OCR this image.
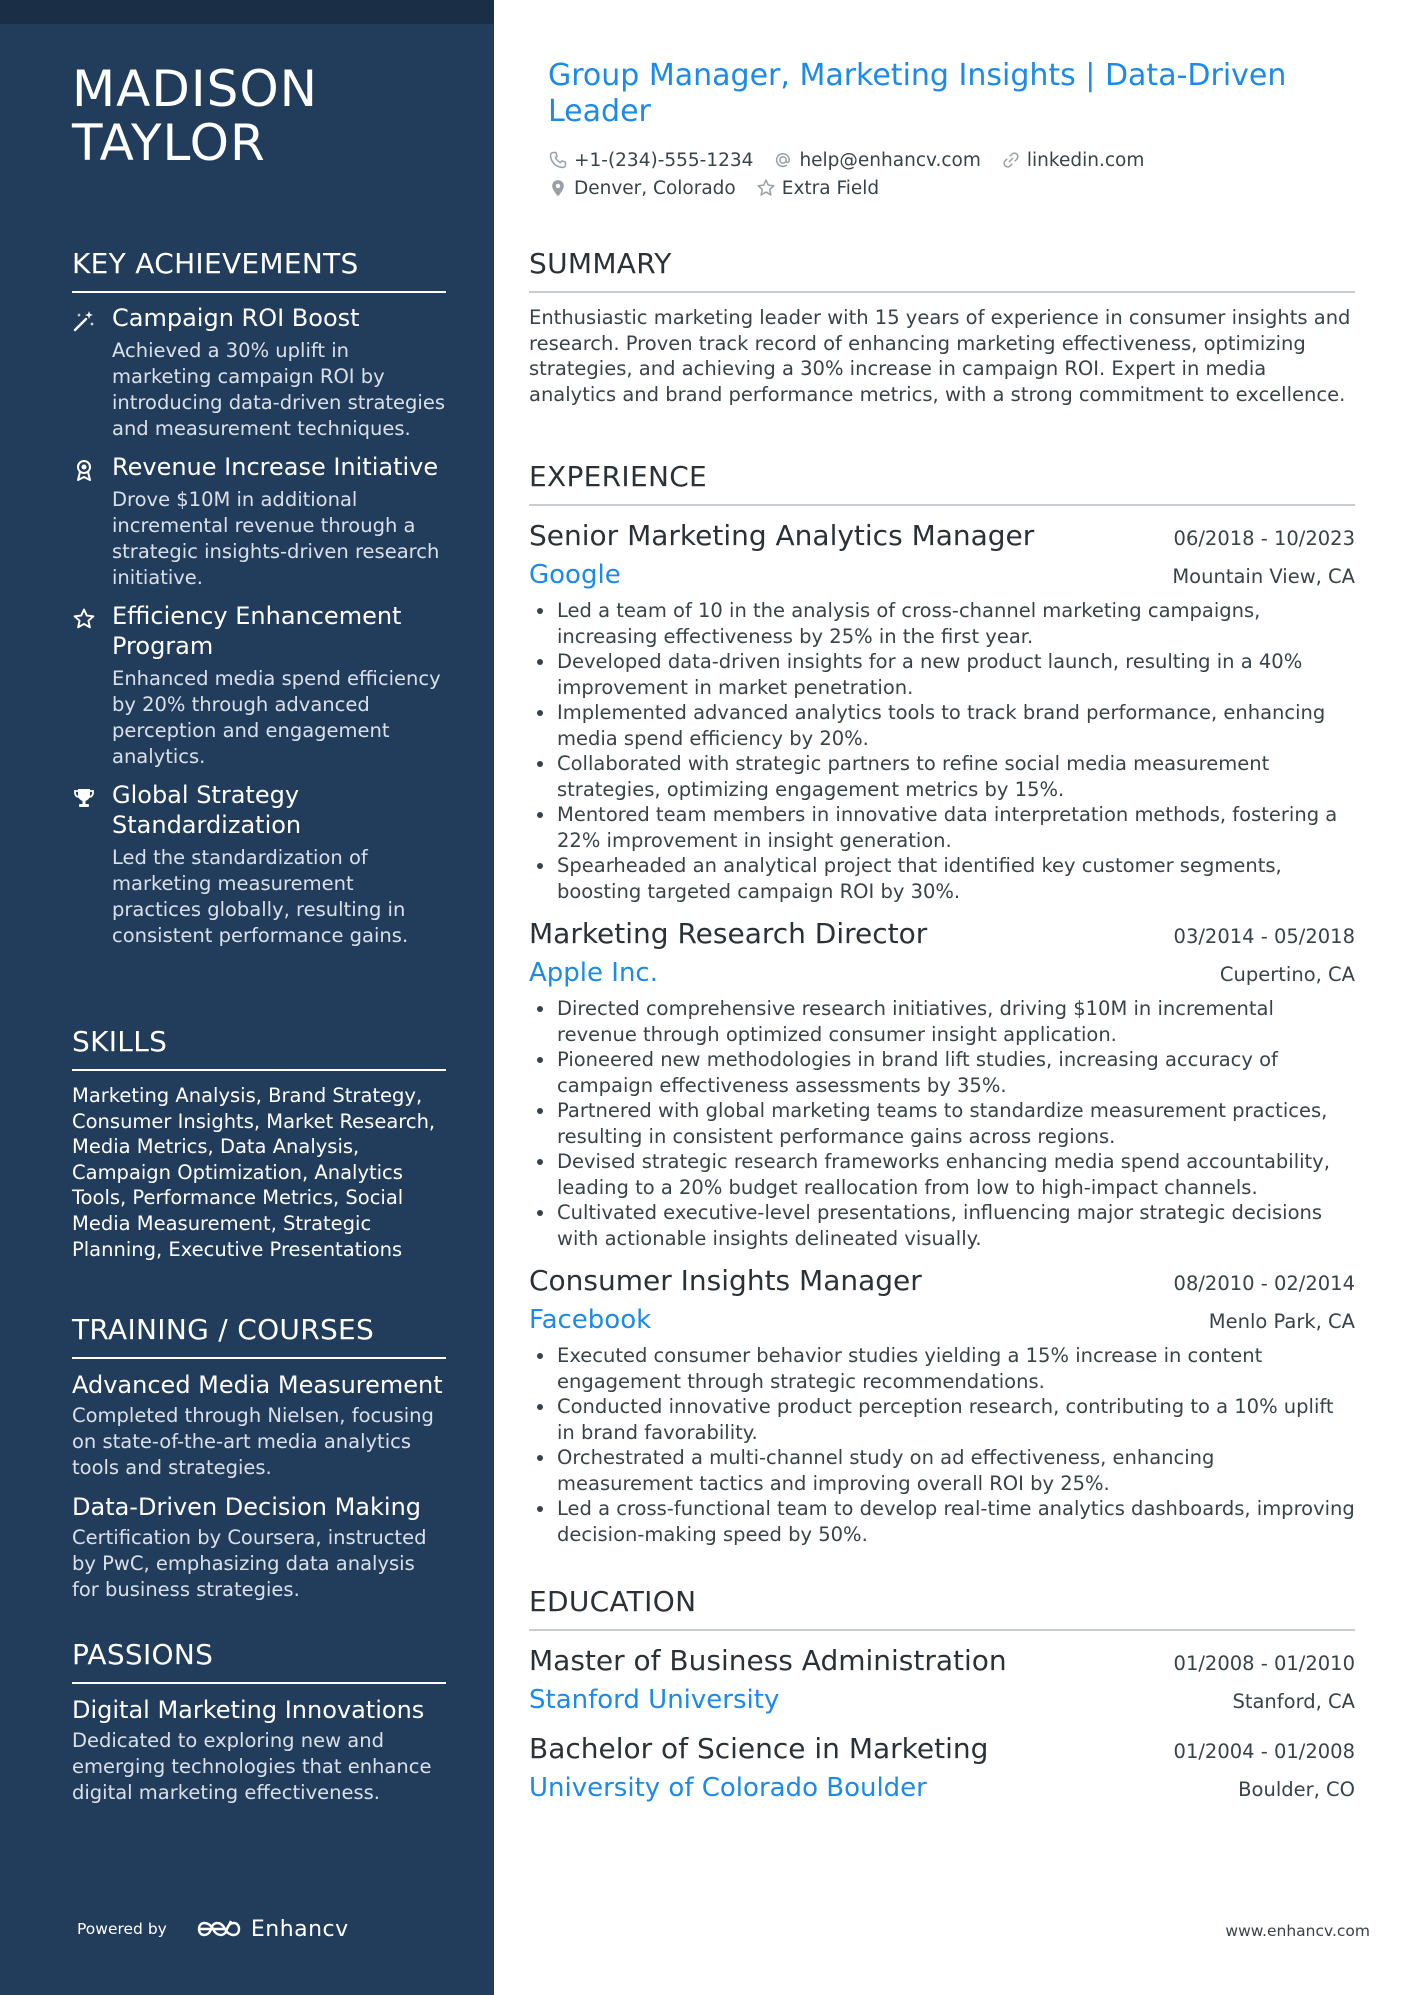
MADISON
TAYLOR
KEY ACHIEVEMENTS
Campaign ROI Boost
Achieved a 30% uplift in marketing campaign ROI by introducing data-driven strategies and measurement techniques.
Revenue Increase Initiative
Drove $10M in additional incremental revenue through a strategic insights-driven research initiative.
Efficiency Enhancement Program
Enhanced media spend efficiency by 20% through advanced perception and engagement analytics.
Global Strategy Standardization
Led the standardization of marketing measurement practices globally, resulting in consistent performance gains.
SKILLS
Marketing Analysis, Brand Strategy, Consumer Insights, Market Research, Media Metrics, Data Analysis, Campaign Optimization, Analytics Tools, Performance Metrics, Social Media Measurement, Strategic Planning, Executive Presentations
TRAINING / COURSES
Advanced Media Measurement
Completed through Nielsen, focusing on state-of-the-art media analytics tools and strategies.
Data-Driven Decision Making
Certification by Coursera, instructed by PwC, emphasizing data analysis for business strategies.
PASSIONS
Digital Marketing Innovations
Dedicated to exploring new and emerging technologies that enhance digital marketing effectiveness.
Powered by	Enhancv
Group Manager, Marketing Insights | Data-Driven Leader
+1-(234)-555-1234 help@enhancv.com linkedin.com
Denver, Colorado Extra Field
SUMMARY
Enthusiastic marketing leader with 15 years of experience in consumer insights and research. Proven track record of enhancing marketing effectiveness, optimizing strategies, and achieving a 30% increase in campaign ROI. Expert in media analytics and brand performance metrics, with a strong commitment to excellence.
EXPERIENCE
Senior Marketing Analytics Manager	06/2018 - 10/2023
Google	Mountain View, CA
Led a team of 10 in the analysis of cross-channel marketing campaigns, increasing effectiveness by 25% in the first year.
Developed data-driven insights for a new product launch, resulting in a 40% improvement in market penetration.
Implemented advanced analytics tools to track brand performance, enhancing media spend efficiency by 20%.
Collaborated with strategic partners to refine social media measurement strategies, optimizing engagement metrics by 15%.
Mentored team members in innovative data interpretation methods, fostering a 22% improvement in insight generation.
Spearheaded an analytical project that identified key customer segments, boosting targeted campaign ROI by 30%.
Marketing Research Director	03/2014 - 05/2018
Apple Inc.	Cupertino, CA
Directed comprehensive research initiatives, driving $10M in incremental revenue through optimized consumer insight application.
Pioneered new methodologies in brand lift studies, increasing accuracy of campaign effectiveness assessments by 35%.
Partnered with global marketing teams to standardize measurement practices, resulting in consistent performance gains across regions.
Devised strategic research frameworks enhancing media spend accountability, leading to a 20% budget reallocation from low to high-impact channels.
Cultivated executive-level presentations, influencing major strategic decisions with actionable insights delineated visually.
Consumer Insights Manager	08/2010 - 02/2014
Facebook	Menlo Park, CA
Executed consumer behavior studies yielding a 15% increase in content engagement through strategic recommendations.
Conducted innovative product perception research, contributing to a 10% uplift in brand favorability.
Orchestrated a multi-channel study on ad effectiveness, enhancing measurement tactics and improving overall ROI by 25%.
Led a cross-functional team to develop real-time analytics dashboards, improving decision-making speed by 50%.
EDUCATION
Master of Business Administration	01/2008 - 01/2010
Stanford University	Stanford, CA
Bachelor of Science in Marketing	01/2004 - 01/2008
University of Colorado Boulder	Boulder, CO
www.enhancv.com
